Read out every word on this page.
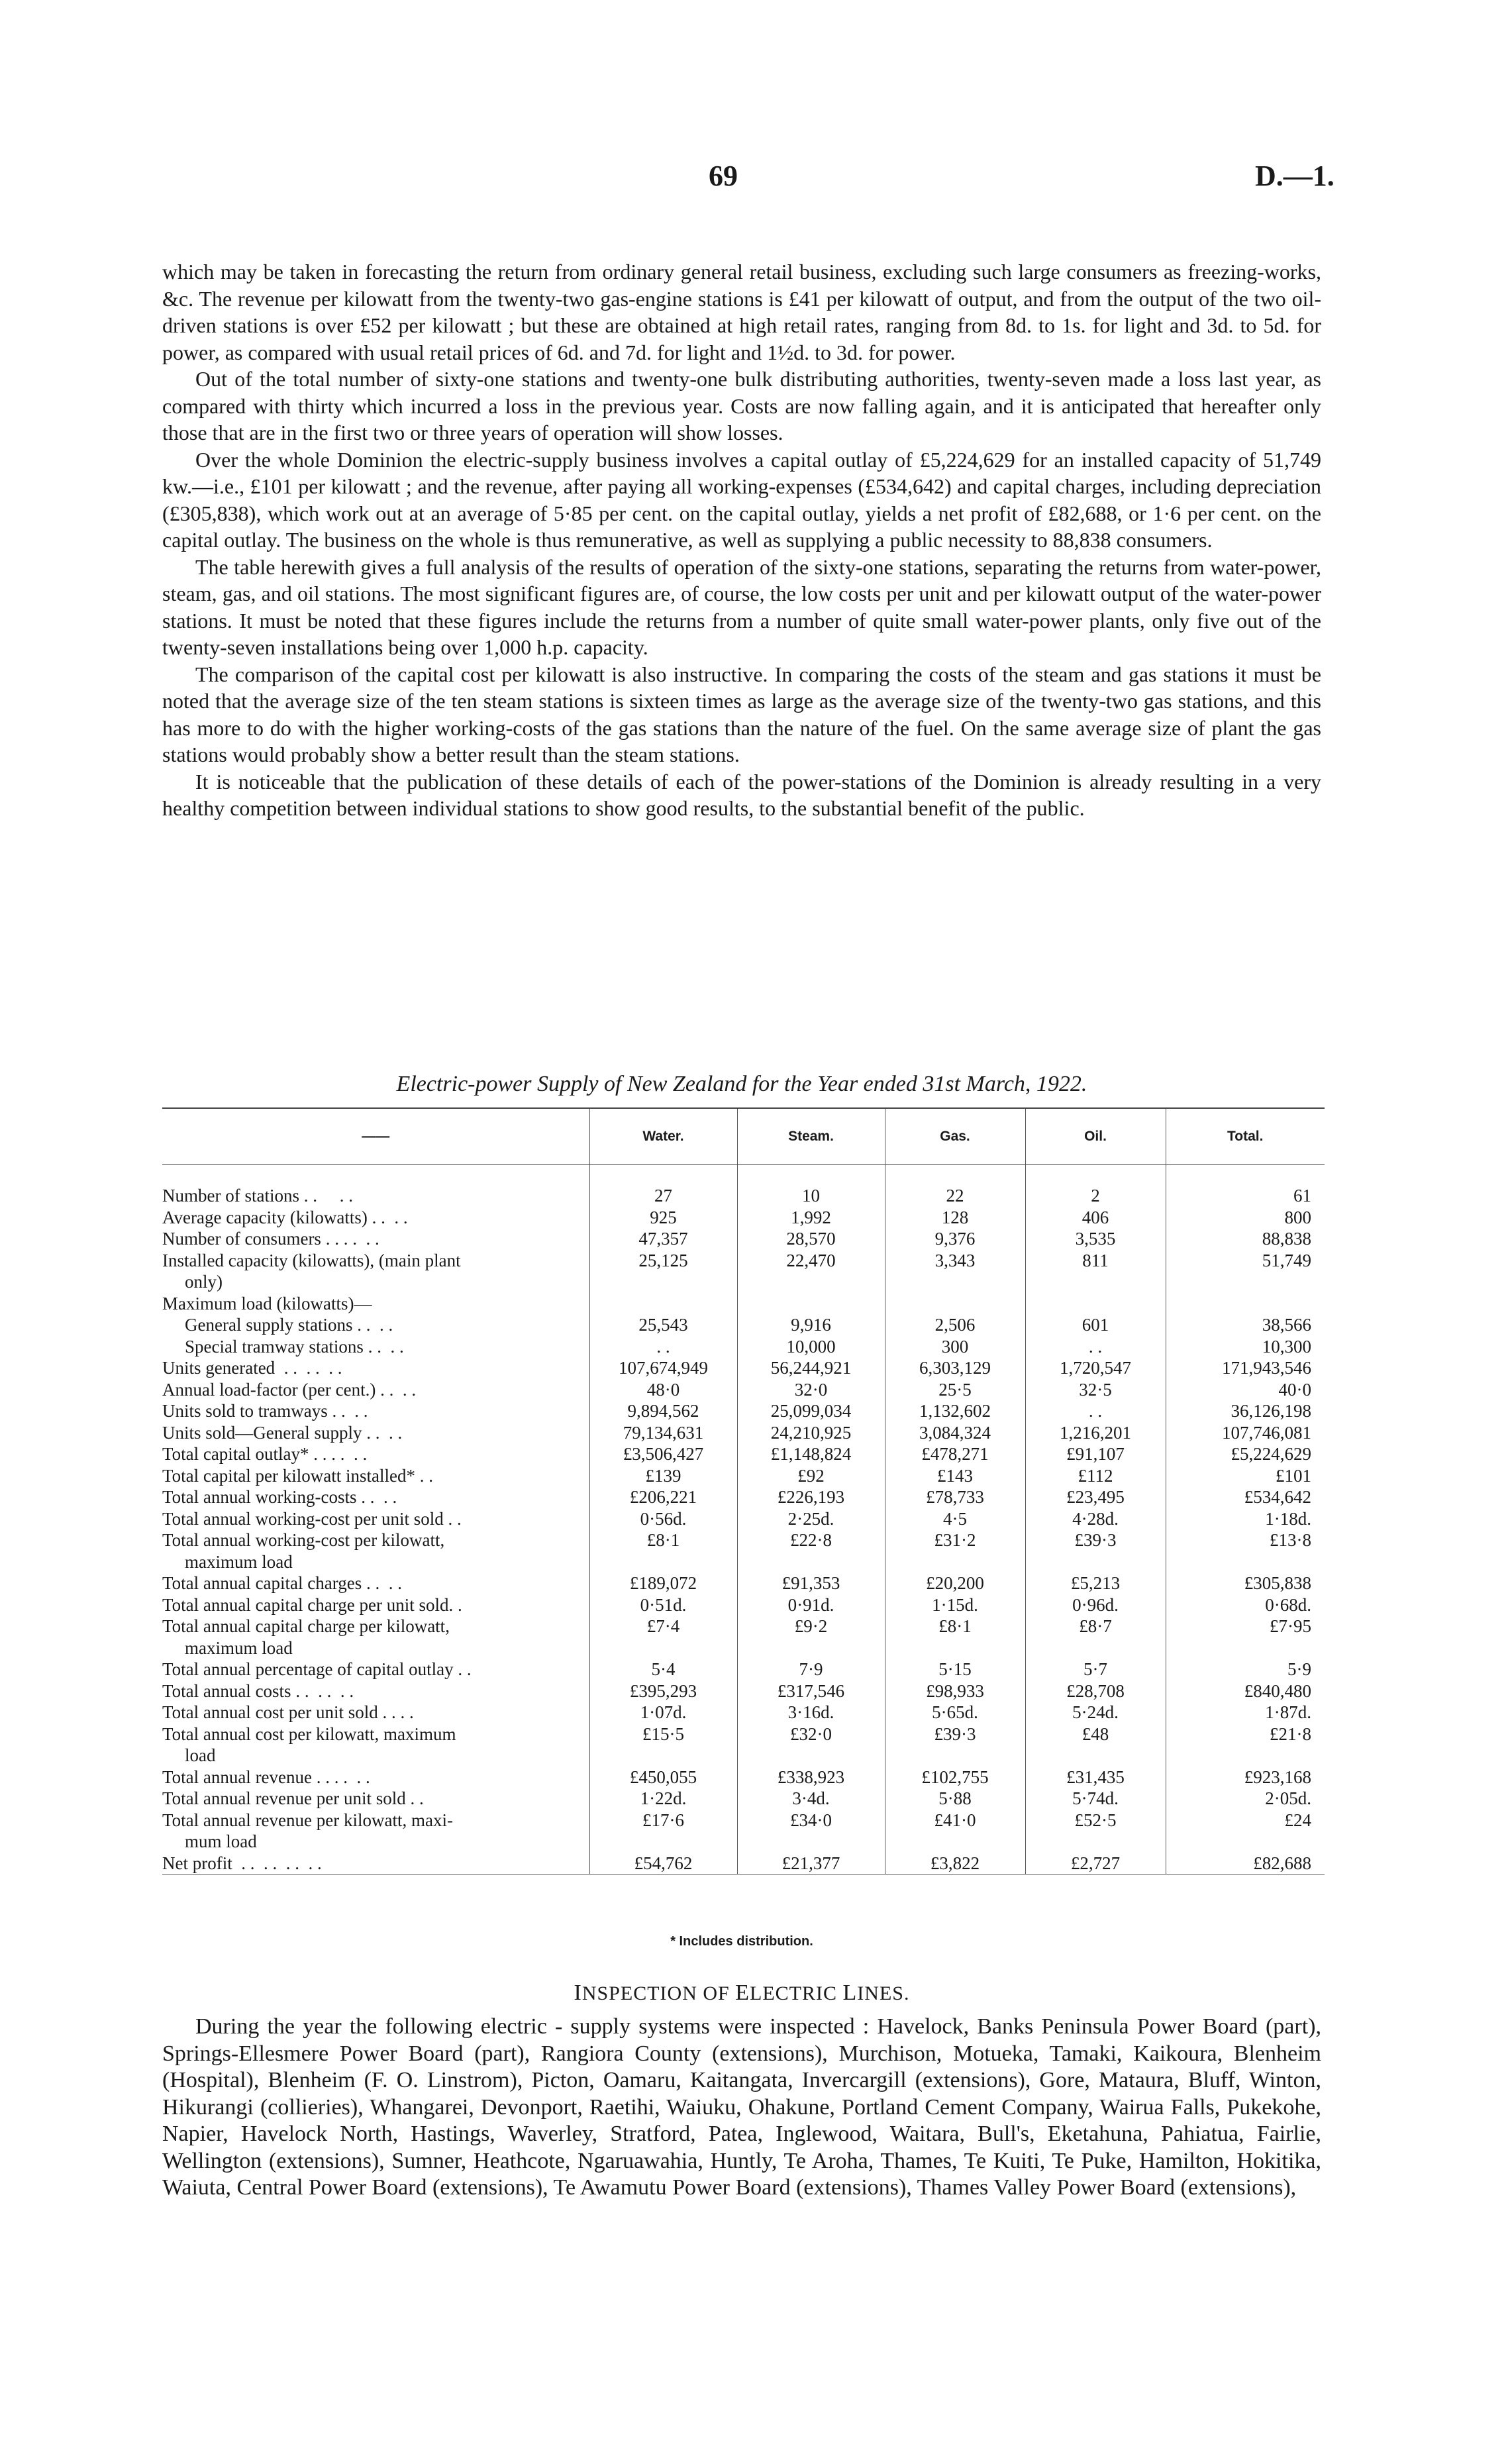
69	D.—1.

which may be taken in forecasting the return from ordinary general retail business, excluding such large consumers as freezing-works, &c. The revenue per kilowatt from the twenty-two gas-engine stations is £41 per kilowatt of output, and from the output of the two oil-driven stations is over £52 per kilowatt ; but these are obtained at high retail rates, ranging from 8d. to 1s. for light and 3d. to 5d. for power, as compared with usual retail prices of 6d. and 7d. for light and 1½d. to 3d. for power.

Out of the total number of sixty-one stations and twenty-one bulk distributing authorities, twenty-seven made a loss last year, as compared with thirty which incurred a loss in the previous year. Costs are now falling again, and it is anticipated that hereafter only those that are in the first two or three years of operation will show losses.

Over the whole Dominion the electric-supply business involves a capital outlay of £5,224,629 for an installed capacity of 51,749 kw.—i.e., £101 per kilowatt ; and the revenue, after paying all working-expenses (£534,642) and capital charges, including depreciation (£305,838), which work out at an average of 5·85 per cent. on the capital outlay, yields a net profit of £82,688, or 1·6 per cent. on the capital outlay. The business on the whole is thus remunerative, as well as supplying a public necessity to 88,838 consumers.

The table herewith gives a full analysis of the results of operation of the sixty-one stations, separating the returns from water-power, steam, gas, and oil stations. The most significant figures are, of course, the low costs per unit and per kilowatt output of the water-power stations. It must be noted that these figures include the returns from a number of quite small water-power plants, only five out of the twenty-seven installations being over 1,000 h.p. capacity.

The comparison of the capital cost per kilowatt is also instructive. In comparing the costs of the steam and gas stations it must be noted that the average size of the ten steam stations is sixteen times as large as the average size of the twenty-two gas stations, and this has more to do with the higher working-costs of the gas stations than the nature of the fuel. On the same average size of plant the gas stations would probably show a better result than the steam stations.

It is noticeable that the publication of these details of each of the power-stations of the Dominion is already resulting in a very healthy competition between individual stations to show good results, to the substantial benefit of the public.

Electric-power Supply of New Zealand for the Year ended 31st March, 1922.
——	Water.	Steam.	Gas.	Oil.	Total.

Number of stations . .     . .	27	10	22	2	61

Average capacity (kilowatts) . .  . .	925	1,992	128	406	800

Number of consumers . . . .  . .	47,357	28,570	9,376	3,535	88,838

Installed capacity (kilowatts), (main plant	25,125	22,470	3,343	811	51,749

only)					

Maximum load (kilowatts)—					

General supply stations . .  . .	25,543	9,916	2,506	601	38,566

Special tramway stations . .  . .	. .	10,000	300	. .	10,300

Units generated . .  . .  . .	107,674,949	56,244,921	6,303,129	1,720,547	171,943,546

Annual load-factor (per cent.) . .  . .	48·0	32·0	25·5	32·5	40·0

Units sold to tramways . .  . .	9,894,562	25,099,034	1,132,602	. .	36,126,198

Units sold—General supply . .  . .	79,134,631	24,210,925	3,084,324	1,216,201	107,746,081

Total capital outlay* . . . .  . .	£3,506,427	£1,148,824	£478,271	£91,107	£5,224,629

Total capital per kilowatt installed* . .	£139	£92	£143	£112	£101

Total annual working-costs . .  . .	£206,221	£226,193	£78,733	£23,495	£534,642

Total annual working-cost per unit sold . .	0·56d.	2·25d.	4·5	4·28d.	1·18d.

Total annual working-cost per kilowatt,	£8·1	£22·8	£31·2	£39·3	£13·8

maximum load					

Total annual capital charges . .  . .	£189,072	£91,353	£20,200	£5,213	£305,838

Total annual capital charge per unit sold. .	0·51d.	0·91d.	1·15d.	0·96d.	0·68d.

Total annual capital charge per kilowatt,	£7·4	£9·2	£8·1	£8·7	£7·95

maximum load					

Total annual percentage of capital outlay . .	5·4	7·9	5·15	5·7	5·9

Total annual costs . .  . .  . .	£395,293	£317,546	£98,933	£28,708	£840,480

Total annual cost per unit sold . . . .	1·07d.	3·16d.	5·65d.	5·24d.	1·87d.

Total annual cost per kilowatt, maximum	£15·5	£32·0	£39·3	£48	£21·8

load					

Total annual revenue . . . .  . .	£450,055	£338,923	£102,755	£31,435	£923,168

Total annual revenue per unit sold . .	1·22d.	3·4d.	5·88	5·74d.	2·05d.

Total annual revenue per kilowatt, maxi-	£17·6	£34·0	£41·0	£52·5	£24

mum load					

Net profit . .  . .  . .  . .	£54,762	£21,377	£3,822	£2,727	£82,688
* Includes distribution.
INSPECTION OF ELECTRIC LINES.

During the year the following electric - supply systems were inspected : Havelock, Banks Peninsula Power Board (part), Springs-Ellesmere Power Board (part), Rangiora County (extensions), Murchison, Motueka, Tamaki, Kaikoura, Blenheim (Hospital), Blenheim (F. O. Linstrom), Picton, Oamaru, Kaitangata, Invercargill (extensions), Gore, Mataura, Bluff, Winton, Hikurangi (collieries), Whangarei, Devonport, Raetihi, Waiuku, Ohakune, Portland Cement Company, Wairua Falls, Pukekohe, Napier, Havelock North, Hastings, Waverley, Stratford, Patea, Inglewood, Waitara, Bull's, Eketahuna, Pahiatua, Fairlie, Wellington (extensions), Sumner, Heathcote, Ngaruawahia, Huntly, Te Aroha, Thames, Te Kuiti, Te Puke, Hamilton, Hokitika, Waiuta, Central Power Board (extensions), Te Awamutu Power Board (extensions), Thames Valley Power Board (extensions),
